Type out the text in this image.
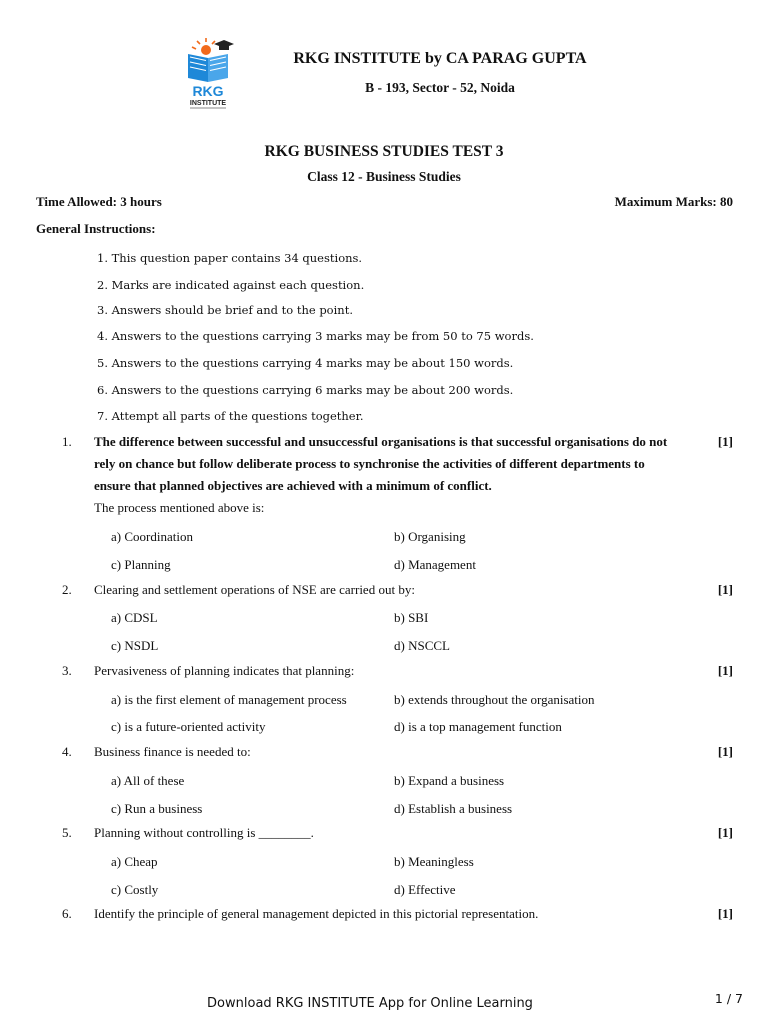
RKG
INSTITUTE
RKG INSTITUTE by CA PARAG GUPTA
B - 193, Sector - 52, Noida
RKG BUSINESS STUDIES TEST 3
Class 12 - Business Studies
Time Allowed: 3 hours	Maximum Marks: 80
General Instructions:
1. This question paper contains 34 questions.
2. Marks are indicated against each question.
3. Answers should be brief and to the point.
4. Answers to the questions carrying 3 marks may be from 50 to 75 words.
5. Answers to the questions carrying 4 marks may be about 150 words.
6. Answers to the questions carrying 6 marks may be about 200 words.
7. Attempt all parts of the questions together.
1. The difference between successful and unsuccessful organisations is that successful organisations do not
rely on chance but follow deliberate process to synchronise the activities of different departments to
ensure that planned objectives are achieved with a minimum of conflict.
The process mentioned above is:
[1]
a) Coordination	b) Organising
c) Planning	d) Management
2. Clearing and settlement operations of NSE are carried out by:	[1]
a) CDSL	b) SBI
c) NSDL	d) NSCCL
3. Pervasiveness of planning indicates that planning:	[1]
a) is the first element of management process	b) extends throughout the organisation
c) is a future-oriented activity	d) is a top management function
4. Business finance is needed to:	[1]
a) All of these	b) Expand a business
c) Run a business	d) Establish a business
5. Planning without controlling is ________.	[1]
a) Cheap	b) Meaningless
c) Costly	d) Effective
6. Identify the principle of general management depicted in this pictorial representation.	[1]
Download RKG INSTITUTE App for Online Learning	1 / 7
